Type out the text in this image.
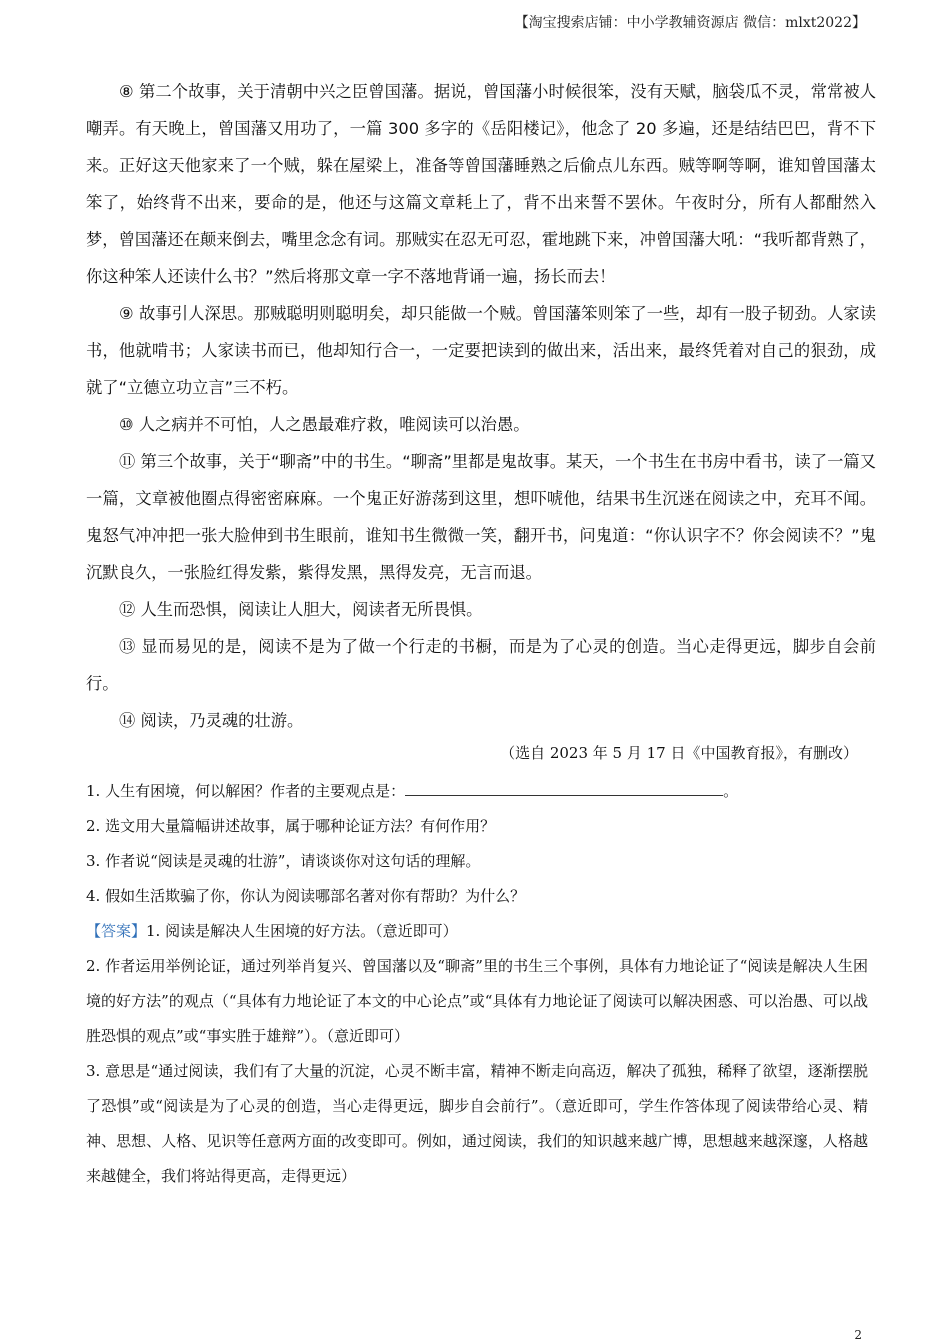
【淘宝搜索店铺：中小学教辅资源店 微信：mlxt2022】

⑧ 第二个故事，关于清朝中兴之臣曾国藩。据说，曾国藩小时候很笨，没有天赋，脑袋瓜不灵，常常被人嘲弄。有天晚上，曾国藩又用功了，一篇 300 多字的《岳阳楼记》，他念了 20 多遍，还是结结巴巴，背不下来。正好这天他家来了一个贼，躲在屋梁上，准备等曾国藩睡熟之后偷点儿东西。贼等啊等啊，谁知曾国藩太笨了，始终背不出来，要命的是，他还与这篇文章耗上了，背不出来誓不罢休。午夜时分，所有人都酣然入梦，曾国藩还在颠来倒去，嘴里念念有词。那贼实在忍无可忍，霍地跳下来，冲曾国藩大吼：“我听都背熟了，你这种笨人还读什么书？”然后将那文章一字不落地背诵一遍，扬长而去！

⑨ 故事引人深思。那贼聪明则聪明矣，却只能做一个贼。曾国藩笨则笨了一些，却有一股子韧劲。人家读书，他就啃书；人家读书而已，他却知行合一，一定要把读到的做出来，活出来，最终凭着对自己的狠劲，成就了“立德立功立言”三不朽。

⑩ 人之病并不可怕，人之愚最难疗救，唯阅读可以治愚。

⑪ 第三个故事，关于“聊斋”中的书生。“聊斋”里都是鬼故事。某天，一个书生在书房中看书，读了一篇又一篇，文章被他圈点得密密麻麻。一个鬼正好游荡到这里，想吓唬他，结果书生沉迷在阅读之中，充耳不闻。鬼怒气冲冲把一张大脸伸到书生眼前，谁知书生微微一笑，翻开书，问鬼道：“你认识字不？你会阅读不？”鬼沉默良久，一张脸红得发紫，紫得发黑，黑得发亮，无言而退。

⑫ 人生而恐惧，阅读让人胆大，阅读者无所畏惧。

⑬ 显而易见的是，阅读不是为了做一个行走的书橱，而是为了心灵的创造。当心走得更远，脚步自会前行。

⑭ 阅读，乃灵魂的壮游。

（选自 2023 年 5 月 17 日《中国教育报》，有删改）

1. 人生有困境，何以解困？作者的主要观点是：	。

2. 选文用大量篇幅讲述故事，属于哪种论证方法？有何作用？

3. 作者说“阅读是灵魂的壮游”，请谈谈你对这句话的理解。

4. 假如生活欺骗了你，你认为阅读哪部名著对你有帮助？为什么？

【答案】1. 阅读是解决人生困境的好方法。（意近即可）

2. 作者运用举例论证，通过列举肖复兴、曾国藩以及“聊斋”里的书生三个事例，具体有力地论证了“阅读是解决人生困境的好方法”的观点（“具体有力地论证了本文的中心论点”或“具体有力地论证了阅读可以解决困惑、可以治愚、可以战胜恐惧的观点”或“事实胜于雄辩”）。（意近即可）

3. 意思是“通过阅读，我们有了大量的沉淀，心灵不断丰富，精神不断走向高迈，解决了孤独，稀释了欲望，逐渐摆脱了恐惧”或“阅读是为了心灵的创造，当心走得更远，脚步自会前行”。（意近即可，学生作答体现了阅读带给心灵、精神、思想、人格、见识等任意两方面的改变即可。例如，通过阅读，我们的知识越来越广博，思想越来越深邃，人格越来越健全，我们将站得更高，走得更远）

2
